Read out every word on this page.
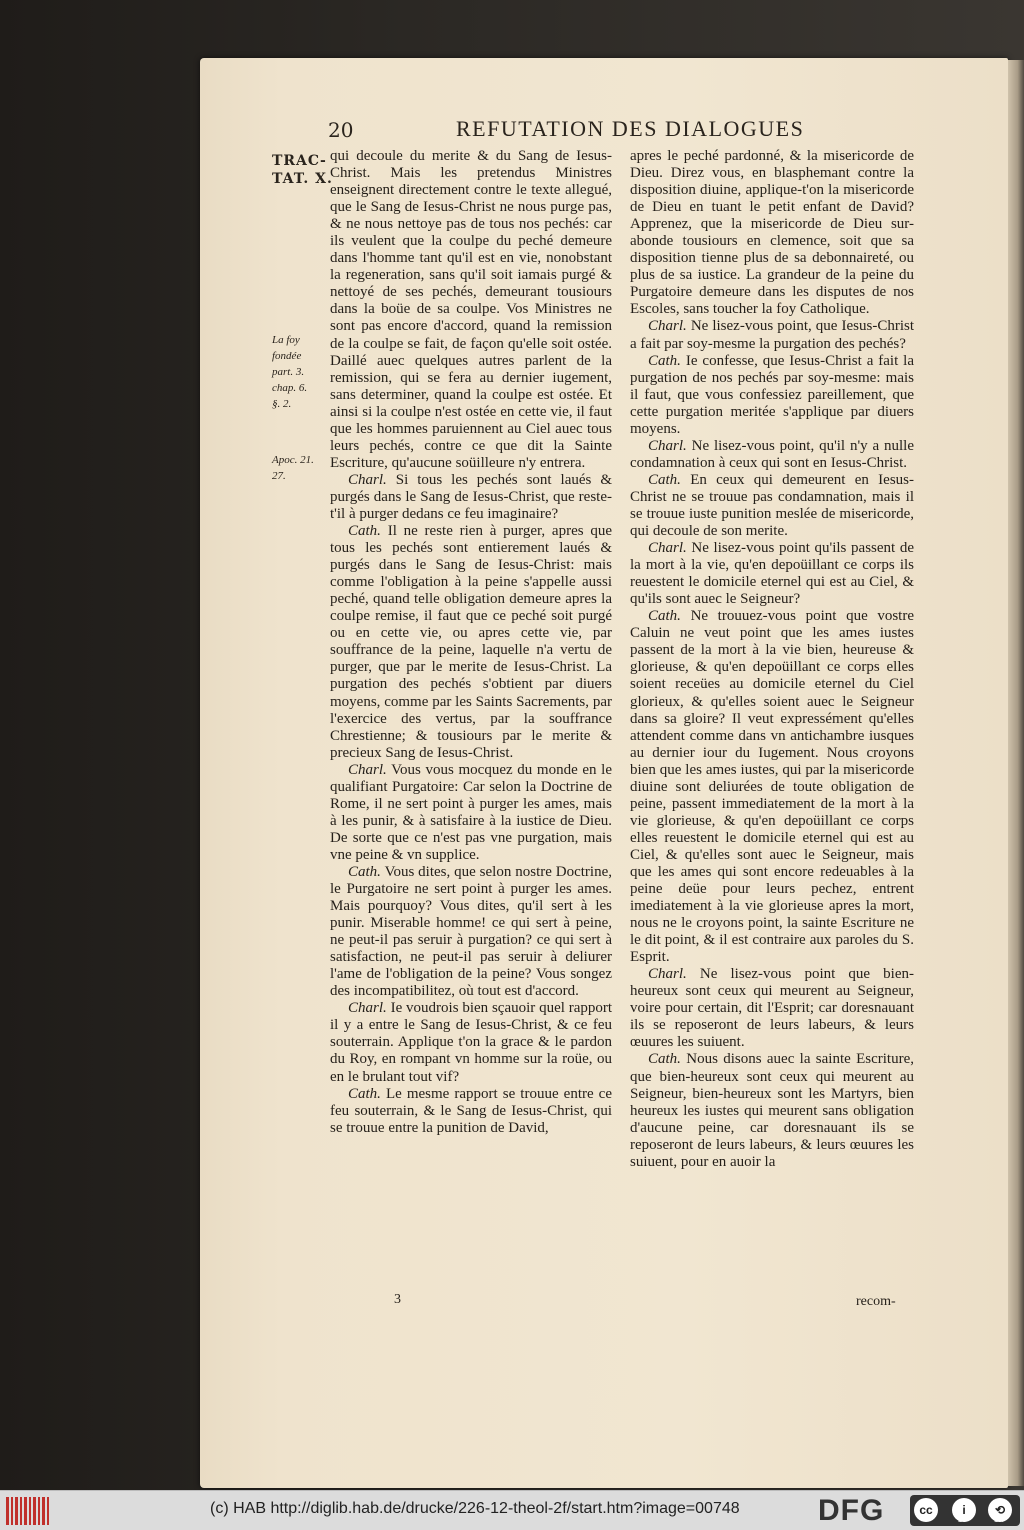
20	REFUTATION DES DIALOGUES
TRAC-
TAT. X.
La foy
fondée
part. 3.
chap. 6.
§. 2.
Apoc. 21.
27.

qui decoule du merite & du Sang de Iesus-Christ. Mais les pretendus Ministres enseignent directement contre le texte allegué, que le Sang de Iesus-Christ ne nous purge pas, & ne nous nettoye pas de tous nos pechés: car ils veulent que la coulpe du peché demeure dans l'homme tant qu'il est en vie, nonobstant la regeneration, sans qu'il soit iamais purgé & nettoyé de ses pechés, demeurant tousiours dans la boüe de sa coulpe. Vos Ministres ne sont pas encore d'accord, quand la remission de la coulpe se fait, de façon qu'elle soit ostée. Daillé auec quelques autres parlent de la remission, qui se fera au dernier iugement, sans determiner, quand la coulpe est ostée. Et ainsi si la coulpe n'est ostée en cette vie, il faut que les hommes paruiennent au Ciel auec tous leurs pechés, contre ce que dit la Sainte Escriture, qu'aucune soüilleure n'y entrera.

Charl. Si tous les pechés sont laués & purgés dans le Sang de Iesus-Christ, que reste-t'il à purger dedans ce feu imaginaire?

Cath. Il ne reste rien à purger, apres que tous les pechés sont entierement laués & purgés dans le Sang de Iesus-Christ: mais comme l'obligation à la peine s'appelle aussi peché, quand telle obligation demeure apres la coulpe remise, il faut que ce peché soit purgé ou en cette vie, ou apres cette vie, par souffrance de la peine, laquelle n'a vertu de purger, que par le merite de Iesus-Christ. La purgation des pechés s'obtient par diuers moyens, comme par les Saints Sacrements, par l'exercice des vertus, par la souffrance Chrestienne; & tousiours par le merite & precieux Sang de Iesus-Christ.

Charl. Vous vous mocquez du monde en le qualifiant Purgatoire: Car selon la Doctrine de Rome, il ne sert point à purger les ames, mais à les punir, & à satisfaire à la iustice de Dieu. De sorte que ce n'est pas vne purgation, mais vne peine & vn supplice.

Cath. Vous dites, que selon nostre Doctrine, le Purgatoire ne sert point à purger les ames. Mais pourquoy? Vous dites, qu'il sert à les punir. Miserable homme! ce qui sert à peine, ne peut-il pas seruir à purgation? ce qui sert à satisfaction, ne peut-il pas seruir à deliurer l'ame de l'obligation de la peine? Vous songez des incompatibilitez, où tout est d'accord.

Charl. Ie voudrois bien sçauoir quel rapport il y a entre le Sang de Iesus-Christ, & ce feu souterrain. Applique t'on la grace & le pardon du Roy, en rompant vn homme sur la roüe, ou en le brulant tout vif?

Cath. Le mesme rapport se trouue entre ce feu souterrain, & le Sang de Iesus-Christ, qui se trouue entre la punition de David,

apres le peché pardonné, & la misericorde de Dieu. Direz vous, en blasphemant contre la disposition diuine, applique-t'on la misericorde de Dieu en tuant le petit enfant de David? Apprenez, que la misericorde de Dieu sur-abonde tousiours en clemence, soit que sa disposition tienne plus de sa debonnaireté, ou plus de sa iustice. La grandeur de la peine du Purgatoire demeure dans les disputes de nos Escoles, sans toucher la foy Catholique.

Charl. Ne lisez-vous point, que Iesus-Christ a fait par soy-mesme la purgation des pechés?

Cath. Ie confesse, que Iesus-Christ a fait la purgation de nos pechés par soy-mesme: mais il faut, que vous confessiez pareillement, que cette purgation meritée s'applique par diuers moyens.

Charl. Ne lisez-vous point, qu'il n'y a nulle condamnation à ceux qui sont en Iesus-Christ.

Cath. En ceux qui demeurent en Iesus-Christ ne se trouue pas condamnation, mais il se trouue iuste punition meslée de misericorde, qui decoule de son merite.

Charl. Ne lisez-vous point qu'ils passent de la mort à la vie, qu'en depoüillant ce corps ils reuestent le domicile eternel qui est au Ciel, & qu'ils sont auec le Seigneur?

Cath. Ne trouuez-vous point que vostre Caluin ne veut point que les ames iustes passent de la mort à la vie bien, heureuse & glorieuse, & qu'en depoüillant ce corps elles soient receües au domicile eternel du Ciel glorieux, & qu'elles soient auec le Seigneur dans sa gloire? Il veut expressément qu'elles attendent comme dans vn antichambre iusques au dernier iour du Iugement. Nous croyons bien que les ames iustes, qui par la misericorde diuine sont deliurées de toute obligation de peine, passent immediatement de la mort à la vie glorieuse, & qu'en depoüillant ce corps elles reuestent le domicile eternel qui est au Ciel, & qu'elles sont auec le Seigneur, mais que les ames qui sont encore redeuables à la peine deüe pour leurs pechez, entrent imediatement à la vie glorieuse apres la mort, nous ne le croyons point, la sainte Escriture ne le dit point, & il est contraire aux paroles du S. Esprit.

Charl. Ne lisez-vous point que bien-heureux sont ceux qui meurent au Seigneur, voire pour certain, dit l'Esprit; car doresnauant ils se reposeront de leurs labeurs, & leurs œuures les suiuent.

Cath. Nous disons auec la sainte Escriture, que bien-heureux sont ceux qui meurent au Seigneur, bien-heureux sont les Martyrs, bien heureux les iustes qui meurent sans obligation d'aucune peine, car doresnauant ils se reposeront de leurs labeurs, & leurs œuures les suiuent, pour en auoir la

3	recom-
(c) HAB http://diglib.hab.de/drucke/226-12-theol-2f/start.htm?image=00748	DFG	cc	i	⟲
BY	SA
